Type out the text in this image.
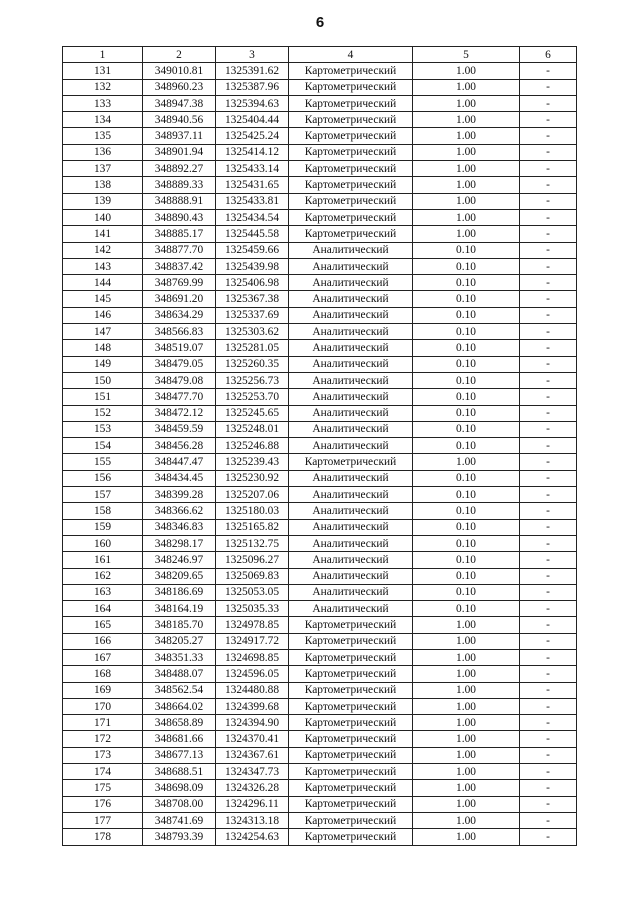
6
1	2	3	4	5	6
131	349010.81	1325391.62	Картометрический	1.00	-
132	348960.23	1325387.96	Картометрический	1.00	-
133	348947.38	1325394.63	Картометрический	1.00	-
134	348940.56	1325404.44	Картометрический	1.00	-
135	348937.11	1325425.24	Картометрический	1.00	-
136	348901.94	1325414.12	Картометрический	1.00	-
137	348892.27	1325433.14	Картометрический	1.00	-
138	348889.33	1325431.65	Картометрический	1.00	-
139	348888.91	1325433.81	Картометрический	1.00	-
140	348890.43	1325434.54	Картометрический	1.00	-
141	348885.17	1325445.58	Картометрический	1.00	-
142	348877.70	1325459.66	Аналитический	0.10	-
143	348837.42	1325439.98	Аналитический	0.10	-
144	348769.99	1325406.98	Аналитический	0.10	-
145	348691.20	1325367.38	Аналитический	0.10	-
146	348634.29	1325337.69	Аналитический	0.10	-
147	348566.83	1325303.62	Аналитический	0.10	-
148	348519.07	1325281.05	Аналитический	0.10	-
149	348479.05	1325260.35	Аналитический	0.10	-
150	348479.08	1325256.73	Аналитический	0.10	-
151	348477.70	1325253.70	Аналитический	0.10	-
152	348472.12	1325245.65	Аналитический	0.10	-
153	348459.59	1325248.01	Аналитический	0.10	-
154	348456.28	1325246.88	Аналитический	0.10	-
155	348447.47	1325239.43	Картометрический	1.00	-
156	348434.45	1325230.92	Аналитический	0.10	-
157	348399.28	1325207.06	Аналитический	0.10	-
158	348366.62	1325180.03	Аналитический	0.10	-
159	348346.83	1325165.82	Аналитический	0.10	-
160	348298.17	1325132.75	Аналитический	0.10	-
161	348246.97	1325096.27	Аналитический	0.10	-
162	348209.65	1325069.83	Аналитический	0.10	-
163	348186.69	1325053.05	Аналитический	0.10	-
164	348164.19	1325035.33	Аналитический	0.10	-
165	348185.70	1324978.85	Картометрический	1.00	-
166	348205.27	1324917.72	Картометрический	1.00	-
167	348351.33	1324698.85	Картометрический	1.00	-
168	348488.07	1324596.05	Картометрический	1.00	-
169	348562.54	1324480.88	Картометрический	1.00	-
170	348664.02	1324399.68	Картометрический	1.00	-
171	348658.89	1324394.90	Картометрический	1.00	-
172	348681.66	1324370.41	Картометрический	1.00	-
173	348677.13	1324367.61	Картометрический	1.00	-
174	348688.51	1324347.73	Картометрический	1.00	-
175	348698.09	1324326.28	Картометрический	1.00	-
176	348708.00	1324296.11	Картометрический	1.00	-
177	348741.69	1324313.18	Картометрический	1.00	-
178	348793.39	1324254.63	Картометрический	1.00	-
